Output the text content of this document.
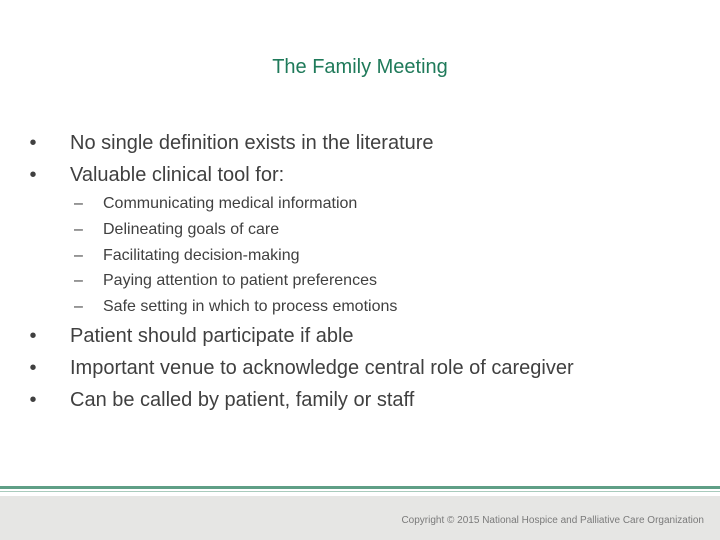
The Family Meeting
• No single definition exists in the literature
• Valuable clinical tool for:
– Communicating medical information
– Delineating goals of care
– Facilitating decision-making
– Paying attention to patient preferences
– Safe setting in which to process emotions
• Patient should participate if able
• Important venue to acknowledge central role of caregiver
• Can be called by patient, family or staff
Copyright © 2015 National Hospice and Palliative Care Organization
